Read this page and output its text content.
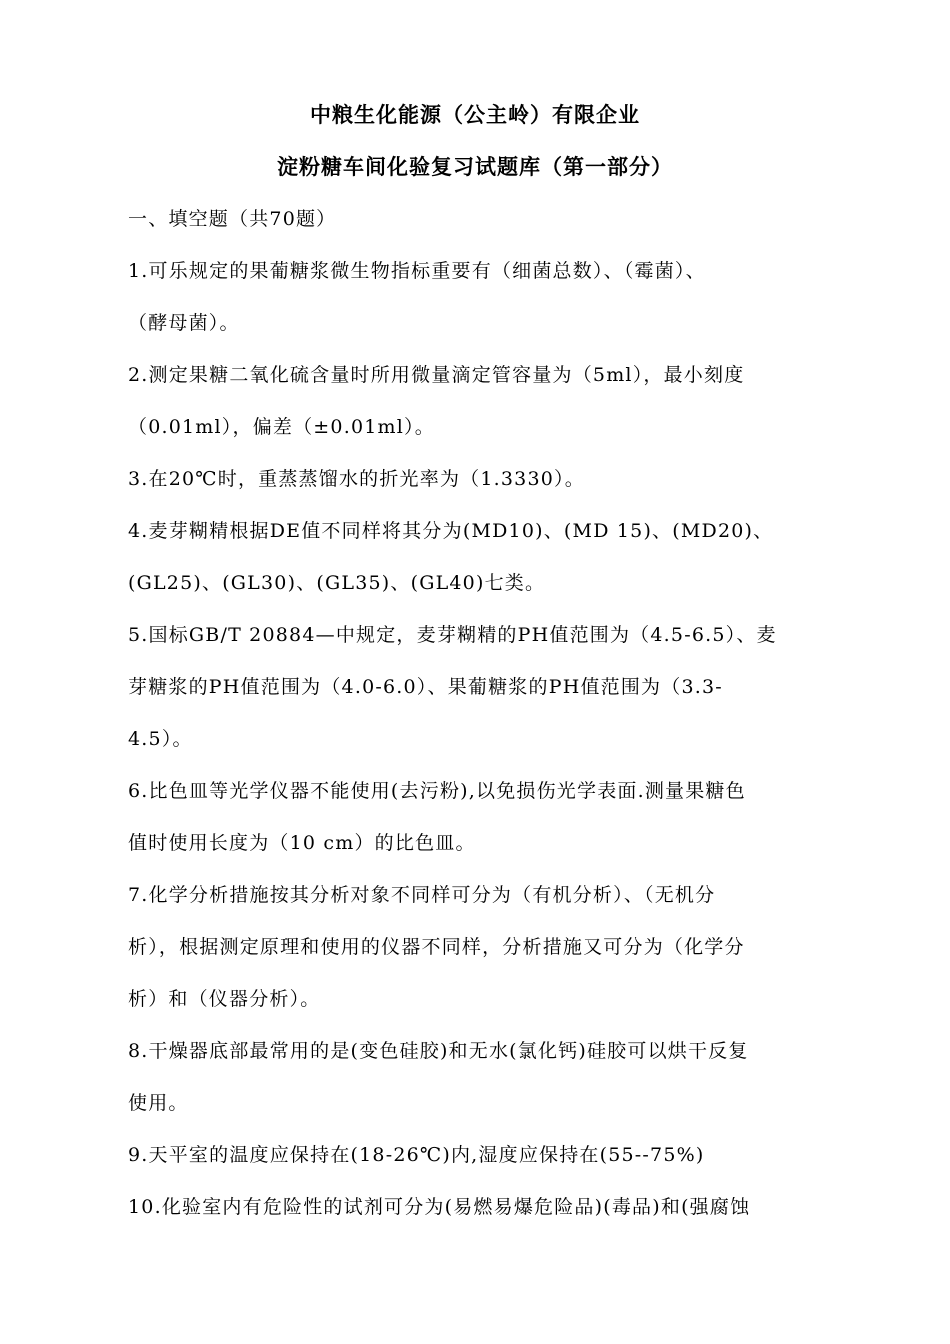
中粮生化能源（公主岭）有限企业
淀粉糖车间化验复习试题库（第一部分）
一、填空题（共70题）
1.可乐规定的果葡糖浆微生物指标重要有（细菌总数）、（霉菌）、
（酵母菌）。
2.测定果糖二氧化硫含量时所用微量滴定管容量为（5ml），最小刻度
（0.01ml），偏差（±0.01ml）。
3.在20℃时，重蒸蒸馏水的折光率为（1.3330）。
4.麦芽糊精根据DE值不同样将其分为(MD10)、(MD 15)、(MD20)、
(GL25)、(GL30)、(GL35)、(GL40)七类。
5.国标GB/T 20884—中规定，麦芽糊精的PH值范围为（4.5-6.5）、麦
芽糖浆的PH值范围为（4.0-6.0）、果葡糖浆的PH值范围为（3.3-
4.5）。
6.比色皿等光学仪器不能使用(去污粉),以免损伤光学表面.测量果糖色
值时使用长度为（10 cm）的比色皿。
7.化学分析措施按其分析对象不同样可分为（有机分析）、（无机分
析），根据测定原理和使用的仪器不同样，分析措施又可分为（化学分
析）和（仪器分析）。
8.干燥器底部最常用的是(变色硅胶)和无水(氯化钙)硅胶可以烘干反复
使用。
9.天平室的温度应保持在(18-26℃)内,湿度应保持在(55--75%)
10.化验室内有危险性的试剂可分为(易燃易爆危险品)(毒品)和(强腐蚀
